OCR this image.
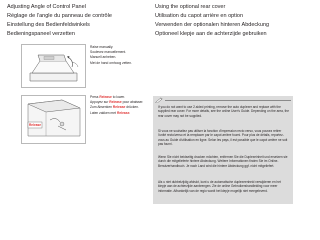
Adjusting Angle of Control Panel
Réglage de l’angle du panneau de contrôle
Einstellung des Bedienfeldwinkels
Bedieningspaneel verzetten
Using the optional rear cover
Utilisation du capot arrière en option
Verwenden der optionalen hinteren Abdeckung
Optioneel klepje aan de achterzijde gebruiken
Raise manually.
Soulevez manuellement.
Manuell anheben.
Met de hand omhoog zetten.
Release
Press Release to lower.
Appuyez sur Release pour abaisser.
Zum Absenken Release drücken.
Laten zakken met Release.
If you do not want to use 2-sided printing, remove the auto duplexer and replace with the supplied rear cover. For more details, see the online User's Guide. Depending on the area, the rear cover may not be supplied.
Si vous ne souhaitez pas utiliser la fonction d'impression recto verso, vous pouvez retirer l'unité recto/verso et la remplacer par le capot arrière fourni. Pour plus de détails, reportez-vous au Guide d'utilisation en ligne. Selon les pays, il est possible que le capot arrière ne soit pas fourni.
Wenn Sie nicht beidseitig drucken möchten, entfernen Sie die Duplexeinheit und ersetzen sie durch die mitgelieferte hintere Abdeckung. Weitere Informationen finden Sie im Online-Benutzerhandbuch. Je nach Land wird die hintere Abdeckung ggf. nicht mitgeliefert.
Als u niet dubbelzijdig afdrukt, kunt u de automatische duplexeenheid verwijderen en het klepje aan de achterzijde aanbrengen. Zie de online Gebruikershandleiding voor meer informatie. Afhankelijk van de regio wordt het klepje mogelijk niet meegeleverd.
